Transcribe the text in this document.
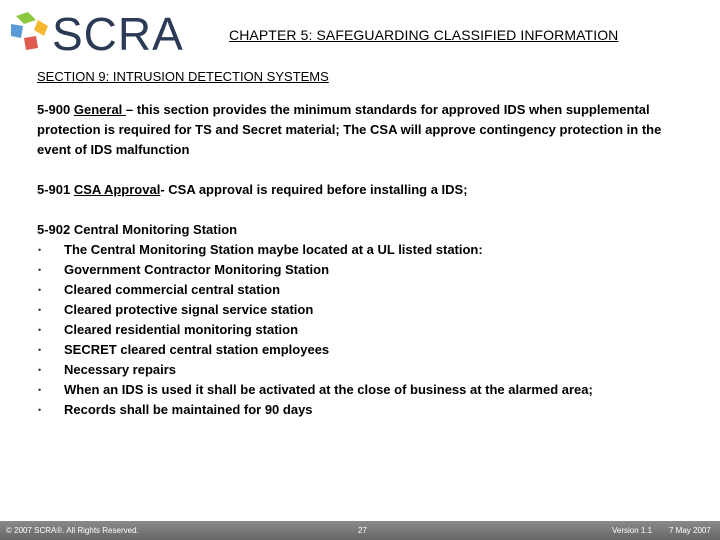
SCRA	CHAPTER 5: SAFEGUARDING CLASSIFIED INFORMATION
SECTION 9: INTRUSION DETECTION SYSTEMS
5-900 General – this section provides the minimum standards for approved IDS when supplemental protection is required for TS and Secret material; The CSA will approve contingency protection in the event of IDS malfunction
5-901 CSA Approval- CSA approval is required before installing a IDS;
5-902 Central Monitoring Station
• The Central Monitoring Station maybe located at a UL listed station:
• Government Contractor Monitoring Station
• Cleared commercial central station
• Cleared protective signal service station
• Cleared residential monitoring station
• SECRET cleared central station employees
• Necessary repairs
• When an IDS is used it shall be activated at the close of business at the alarmed area;
• Records shall be maintained for 90 days
© 2007 SCRA®. All Rights Reserved.	27	Version 1.1 7 May 2007
